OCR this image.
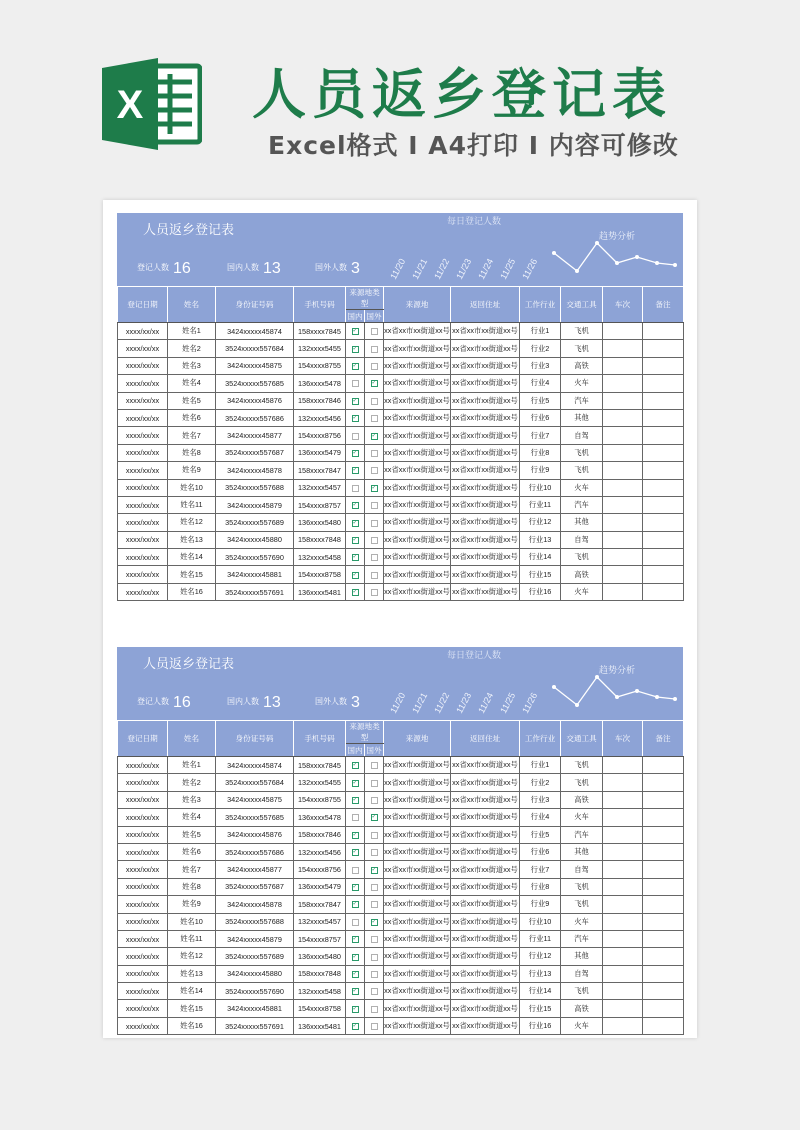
X 人员返乡登记表
Excel格式 I A4打印 I 内容可修改
人员返乡登记表
登记人数 16	国内人数 13	国外人数 3
每日登记人数
11/20 11/21 11/22 11/23 11/24 11/25 11/26
趋势分析
登记日期	姓名	身份证号码	手机号码	来源地类型		来源地	返回住址	工作行业	交通工具	车次	备注
				国内	国外						
xxxx/xx/xx	姓名1	3424xxxxx45874	158xxxx7845	✓		xx省xx市xx街道xx号	xx省xx市xx街道xx号	行业1	飞机		
xxxx/xx/xx	姓名2	3524xxxxx557684	132xxxx5455	✓		xx省xx市xx街道xx号	xx省xx市xx街道xx号	行业2	飞机		
xxxx/xx/xx	姓名3	3424xxxxx45875	154xxxx8755	✓		xx省xx市xx街道xx号	xx省xx市xx街道xx号	行业3	高铁		
xxxx/xx/xx	姓名4	3524xxxxx557685	136xxxx5478		✓	xx省xx市xx街道xx号	xx省xx市xx街道xx号	行业4	火车		
xxxx/xx/xx	姓名5	3424xxxxx45876	158xxxx7846	✓		xx省xx市xx街道xx号	xx省xx市xx街道xx号	行业5	汽车		
xxxx/xx/xx	姓名6	3524xxxxx557686	132xxxx5456	✓		xx省xx市xx街道xx号	xx省xx市xx街道xx号	行业6	其他		
xxxx/xx/xx	姓名7	3424xxxxx45877	154xxxx8756		✓	xx省xx市xx街道xx号	xx省xx市xx街道xx号	行业7	自驾		
xxxx/xx/xx	姓名8	3524xxxxx557687	136xxxx5479	✓		xx省xx市xx街道xx号	xx省xx市xx街道xx号	行业8	飞机		
xxxx/xx/xx	姓名9	3424xxxxx45878	158xxxx7847	✓		xx省xx市xx街道xx号	xx省xx市xx街道xx号	行业9	飞机		
xxxx/xx/xx	姓名10	3524xxxxx557688	132xxxx5457		✓	xx省xx市xx街道xx号	xx省xx市xx街道xx号	行业10	火车		
xxxx/xx/xx	姓名11	3424xxxxx45879	154xxxx8757	✓		xx省xx市xx街道xx号	xx省xx市xx街道xx号	行业11	汽车		
xxxx/xx/xx	姓名12	3524xxxxx557689	136xxxx5480	✓		xx省xx市xx街道xx号	xx省xx市xx街道xx号	行业12	其他		
xxxx/xx/xx	姓名13	3424xxxxx45880	158xxxx7848	✓		xx省xx市xx街道xx号	xx省xx市xx街道xx号	行业13	自驾		
xxxx/xx/xx	姓名14	3524xxxxx557690	132xxxx5458	✓		xx省xx市xx街道xx号	xx省xx市xx街道xx号	行业14	飞机		
xxxx/xx/xx	姓名15	3424xxxxx45881	154xxxx8758	✓		xx省xx市xx街道xx号	xx省xx市xx街道xx号	行业15	高铁		
xxxx/xx/xx	姓名16	3524xxxxx557691	136xxxx5481	✓		xx省xx市xx街道xx号	xx省xx市xx街道xx号	行业16	火车		
人员返乡登记表
登记人数 16	国内人数 13	国外人数 3
每日登记人数
11/20 11/21 11/22 11/23 11/24 11/25 11/26
趋势分析
登记日期	姓名	身份证号码	手机号码	来源地类型		来源地	返回住址	工作行业	交通工具	车次	备注
				国内	国外						
xxxx/xx/xx	姓名1	3424xxxxx45874	158xxxx7845	✓		xx省xx市xx街道xx号	xx省xx市xx街道xx号	行业1	飞机		
xxxx/xx/xx	姓名2	3524xxxxx557684	132xxxx5455	✓		xx省xx市xx街道xx号	xx省xx市xx街道xx号	行业2	飞机		
xxxx/xx/xx	姓名3	3424xxxxx45875	154xxxx8755	✓		xx省xx市xx街道xx号	xx省xx市xx街道xx号	行业3	高铁		
xxxx/xx/xx	姓名4	3524xxxxx557685	136xxxx5478		✓	xx省xx市xx街道xx号	xx省xx市xx街道xx号	行业4	火车		
xxxx/xx/xx	姓名5	3424xxxxx45876	158xxxx7846	✓		xx省xx市xx街道xx号	xx省xx市xx街道xx号	行业5	汽车		
xxxx/xx/xx	姓名6	3524xxxxx557686	132xxxx5456	✓		xx省xx市xx街道xx号	xx省xx市xx街道xx号	行业6	其他		
xxxx/xx/xx	姓名7	3424xxxxx45877	154xxxx8756		✓	xx省xx市xx街道xx号	xx省xx市xx街道xx号	行业7	自驾		
xxxx/xx/xx	姓名8	3524xxxxx557687	136xxxx5479	✓		xx省xx市xx街道xx号	xx省xx市xx街道xx号	行业8	飞机		
xxxx/xx/xx	姓名9	3424xxxxx45878	158xxxx7847	✓		xx省xx市xx街道xx号	xx省xx市xx街道xx号	行业9	飞机		
xxxx/xx/xx	姓名10	3524xxxxx557688	132xxxx5457		✓	xx省xx市xx街道xx号	xx省xx市xx街道xx号	行业10	火车		
xxxx/xx/xx	姓名11	3424xxxxx45879	154xxxx8757	✓		xx省xx市xx街道xx号	xx省xx市xx街道xx号	行业11	汽车		
xxxx/xx/xx	姓名12	3524xxxxx557689	136xxxx5480	✓		xx省xx市xx街道xx号	xx省xx市xx街道xx号	行业12	其他		
xxxx/xx/xx	姓名13	3424xxxxx45880	158xxxx7848	✓		xx省xx市xx街道xx号	xx省xx市xx街道xx号	行业13	自驾		
xxxx/xx/xx	姓名14	3524xxxxx557690	132xxxx5458	✓		xx省xx市xx街道xx号	xx省xx市xx街道xx号	行业14	飞机		
xxxx/xx/xx	姓名15	3424xxxxx45881	154xxxx8758	✓		xx省xx市xx街道xx号	xx省xx市xx街道xx号	行业15	高铁		
xxxx/xx/xx	姓名16	3524xxxxx557691	136xxxx5481	✓		xx省xx市xx街道xx号	xx省xx市xx街道xx号	行业16	火车		
